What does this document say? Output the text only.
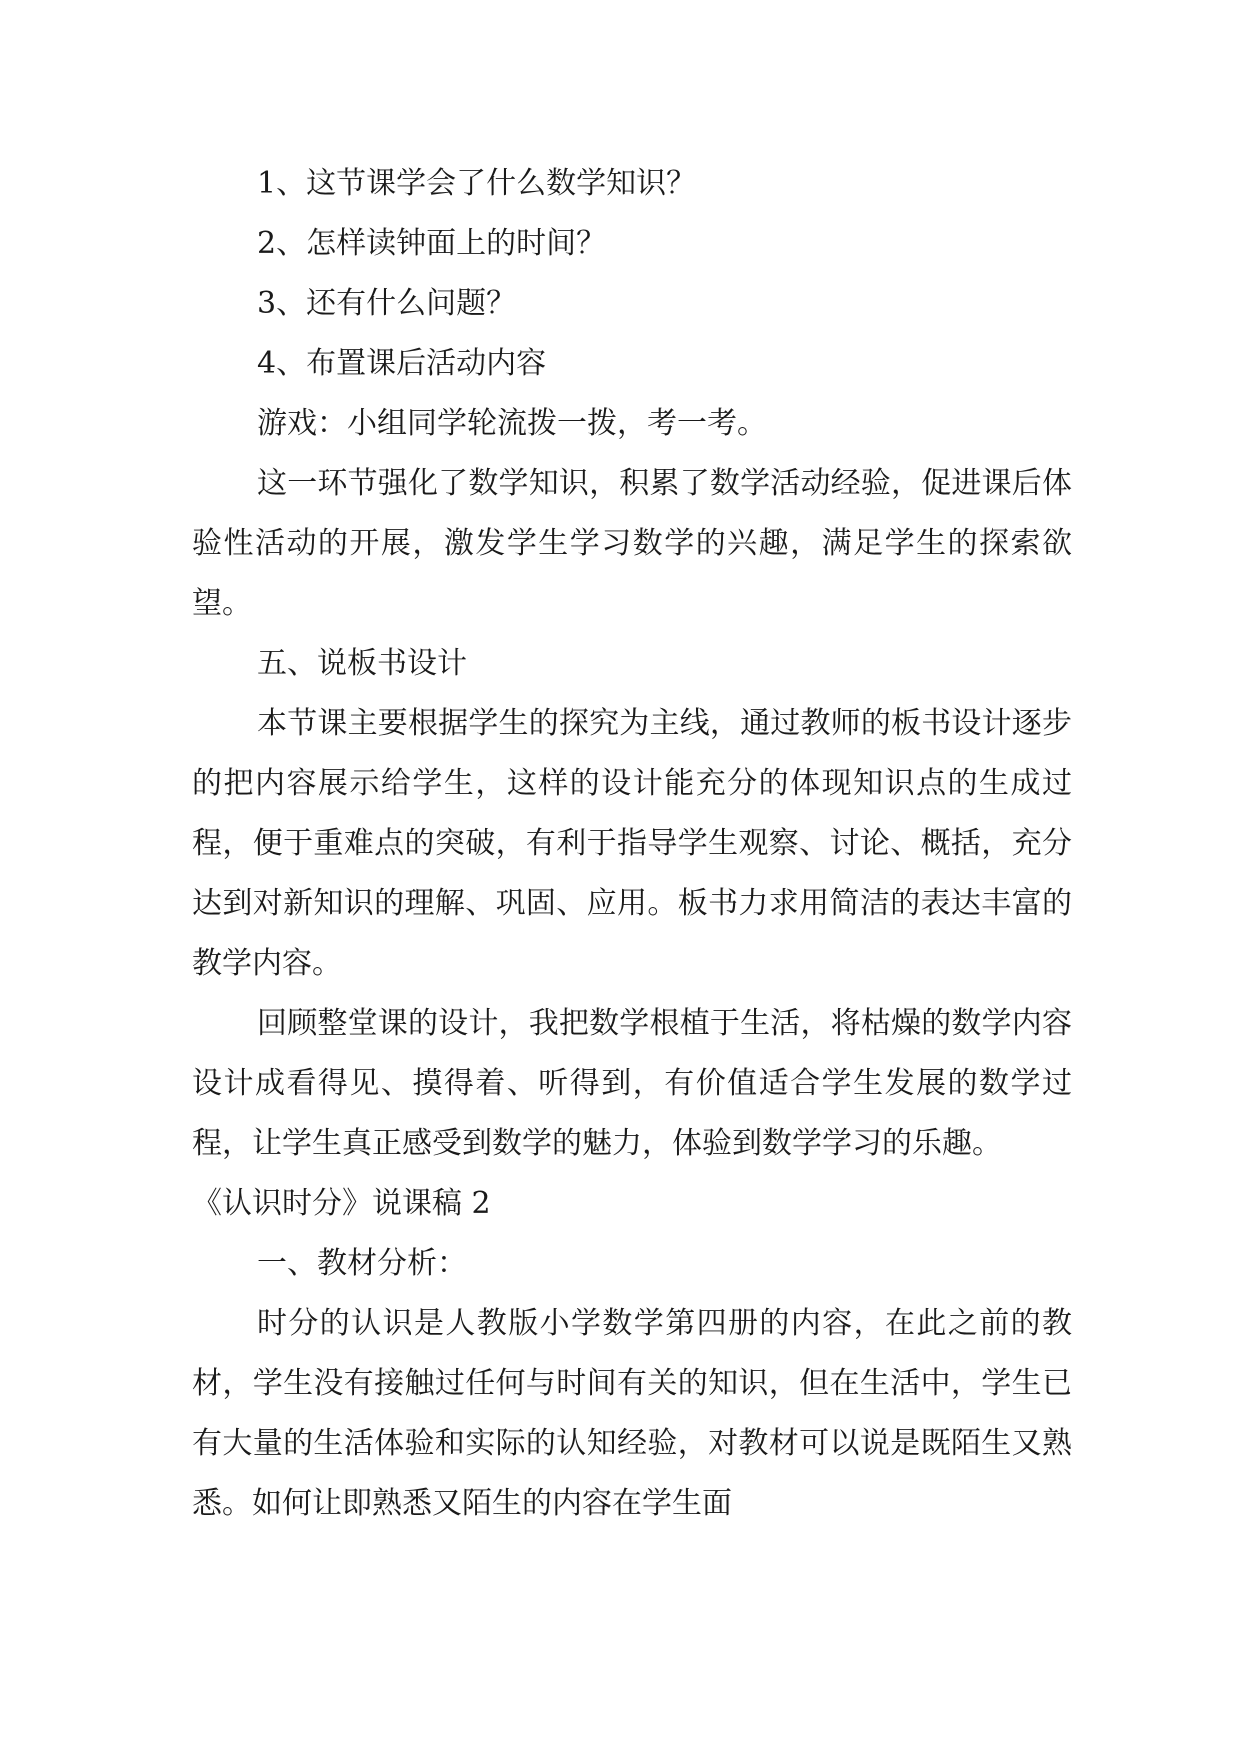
1、这节课学会了什么数学知识？

2、怎样读钟面上的时间？

3、还有什么问题？

4、布置课后活动内容

游戏：小组同学轮流拨一拨，考一考。

这一环节强化了数学知识，积累了数学活动经验，促进课后体验性活动的开展，激发学生学习数学的兴趣，满足学生的探索欲望。

五、说板书设计

本节课主要根据学生的探究为主线，通过教师的板书设计逐步的把内容展示给学生，这样的设计能充分的体现知识点的生成过程，便于重难点的突破，有利于指导学生观察、讨论、概括，充分达到对新知识的理解、巩固、应用。板书力求用简洁的表达丰富的教学内容。

回顾整堂课的设计，我把数学根植于生活，将枯燥的数学内容设计成看得见、摸得着、听得到，有价值适合学生发展的数学过程，让学生真正感受到数学的魅力，体验到数学学习的乐趣。

《认识时分》说课稿 2

一、教材分析：

时分的认识是人教版小学数学第四册的内容，在此之前的教材，学生没有接触过任何与时间有关的知识，但在生活中，学生已有大量的生活体验和实际的认知经验，对教材可以说是既陌生又熟悉。如何让即熟悉又陌生的内容在学生面
